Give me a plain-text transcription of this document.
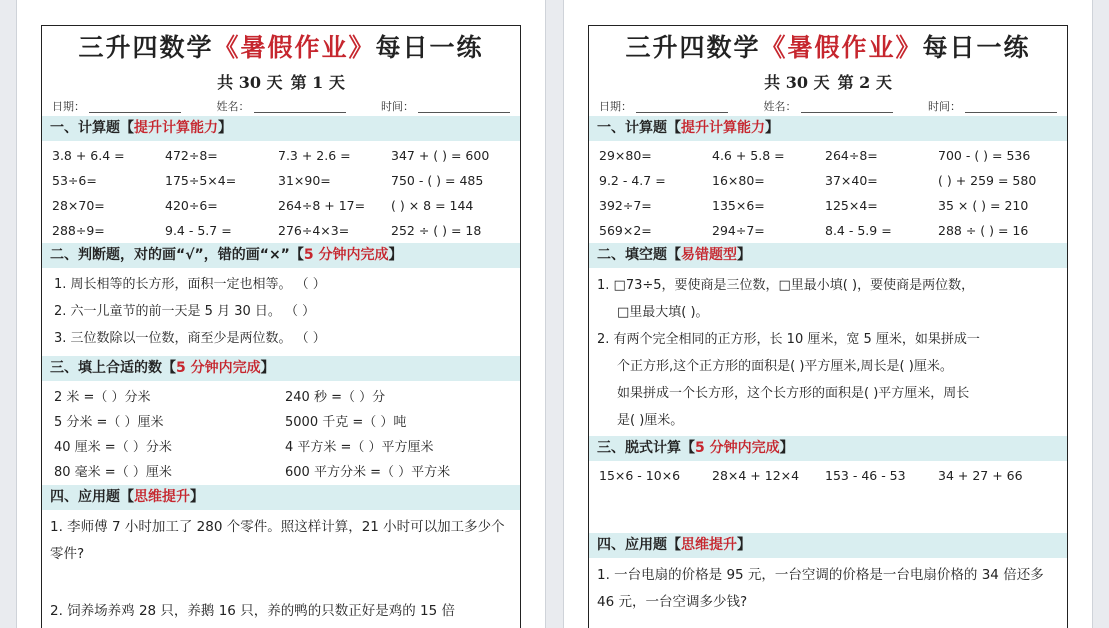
三升四数学《暑假作业》每日一练
共 30 天 第 1 天
日期：	姓名：	时间：
一、计算题【提升计算能力】
3.8 + 6.4 =	472÷8=	7.3 + 2.6 =	347 + ( ) = 600
53÷6=	175÷5×4=	31×90=	750 - ( ) = 485
28×70=	420÷6=	264÷8 + 17=	( ) × 8 = 144
288÷9=	9.4 - 5.7 =	276÷4×3=	252 ÷ ( ) = 18
二、判断题，对的画“√”，错的画“×”【5 分钟内完成】
1. 周长相等的长方形，面积一定也相等。 （ ）
2. 六一儿童节的前一天是 5 月 30 日。 （ ）
3. 三位数除以一位数，商至少是两位数。 （ ）
三、填上合适的数【5 分钟内完成】
2 米 =（ ）分米	240 秒 =（ ）分
5 分米 =（ ）厘米	5000 千克 =（ ）吨
40 厘米 =（ ）分米	4 平方米 =（ ）平方厘米
80 毫米 =（ ）厘米	600 平方分米 =（ ）平方米
四、应用题【思维提升】

1. 李师傅 7 小时加工了 280 个零件。照这样计算，21 小时可以加工多少个零件?

2. 饲养场养鸡 28 只，养鹅 16 只，养的鸭的只数正好是鸡的 15 倍

三升四数学《暑假作业》每日一练
共 30 天 第 2 天
日期：	姓名：	时间：
一、计算题【提升计算能力】
29×80=	4.6 + 5.8 =	264÷8=	700 - ( ) = 536
9.2 - 4.7 =	16×80=	37×40=	( ) + 259 = 580
392÷7=	135×6=	125×4=	35 × ( ) = 210
569×2=	294÷7=	8.4 - 5.9 =	288 ÷ ( ) = 16
二、填空题【易错题型】

1. □73÷5，要使商是三位数，□里最小填( )，要使商是两位数，

□里最大填( )。

2. 有两个完全相同的正方形，长 10 厘米，宽 5 厘米，如果拼成一

个正方形,这个正方形的面积是( )平方厘米,周长是( )厘米。

如果拼成一个长方形，这个长方形的面积是( )平方厘米，周长

是( )厘米。

三、脱式计算【5 分钟内完成】
15×6 - 10×6	28×4 + 12×4	153 - 46 - 53	34 + 27 + 66
四、应用题【思维提升】

1. 一台电扇的价格是 95 元，一台空调的价格是一台电扇价格的 34 倍还多 46 元，一台空调多少钱?
